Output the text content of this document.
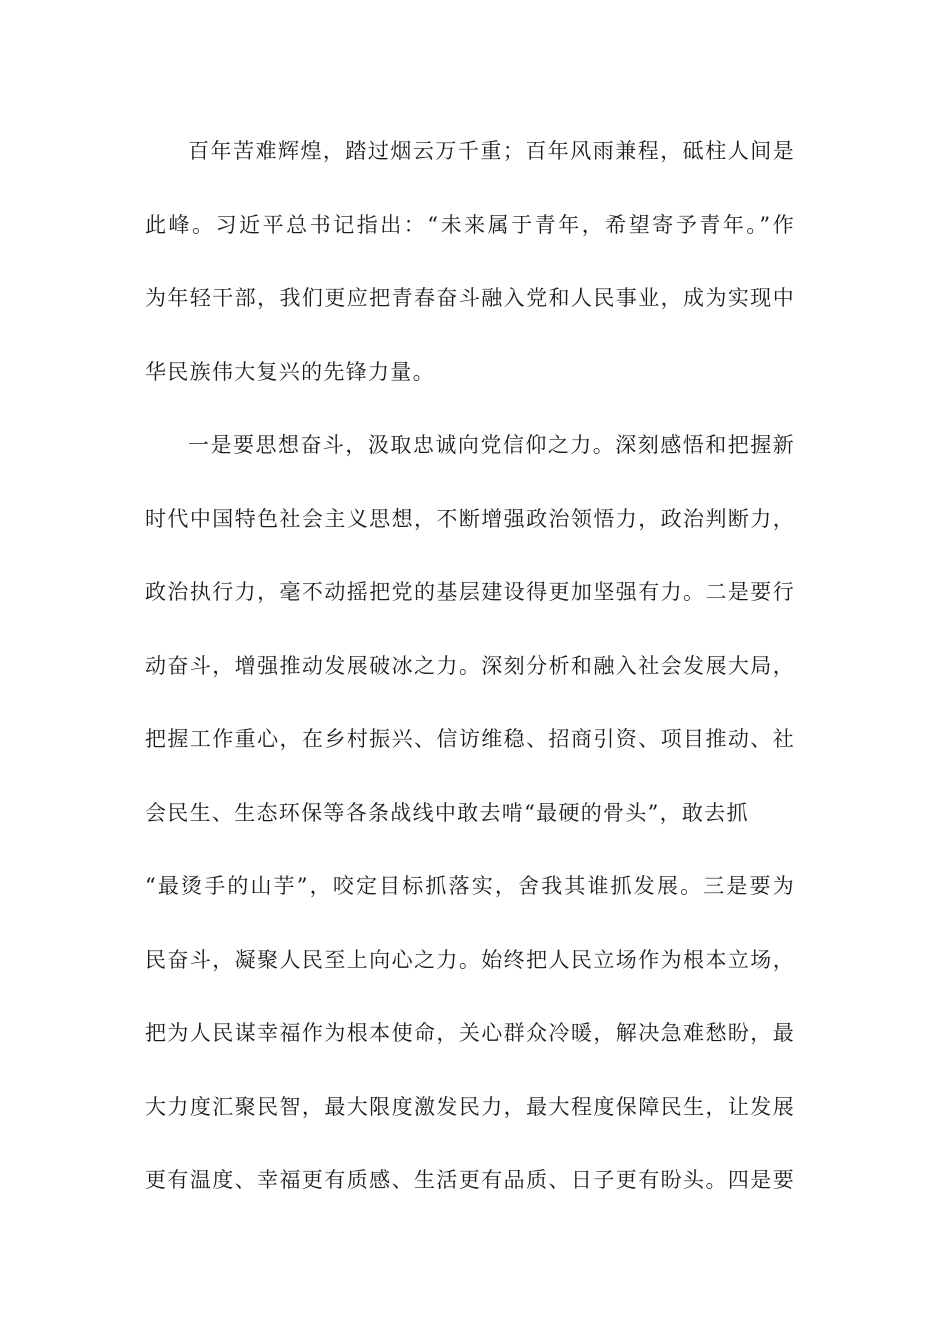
百年苦难辉煌，踏过烟云万千重；百年风雨兼程，砥柱人间是
此峰。习近平总书记指出：“未来属于青年，希望寄予青年。”作
为年轻干部，我们更应把青春奋斗融入党和人民事业，成为实现中
华民族伟大复兴的先锋力量。
一是要思想奋斗，汲取忠诚向党信仰之力。深刻感悟和把握新
时代中国特色社会主义思想，不断增强政治领悟力，政治判断力，
政治执行力，毫不动摇把党的基层建设得更加坚强有力。二是要行
动奋斗，增强推动发展破冰之力。深刻分析和融入社会发展大局，
把握工作重心，在乡村振兴、信访维稳、招商引资、项目推动、社
会民生、生态环保等各条战线中敢去啃“最硬的骨头”，敢去抓
“最烫手的山芋”，咬定目标抓落实，舍我其谁抓发展。三是要为
民奋斗，凝聚人民至上向心之力。始终把人民立场作为根本立场，
把为人民谋幸福作为根本使命，关心群众冷暖，解决急难愁盼，最
大力度汇聚民智，最大限度激发民力，最大程度保障民生，让发展
更有温度、幸福更有质感、生活更有品质、日子更有盼头。四是要
